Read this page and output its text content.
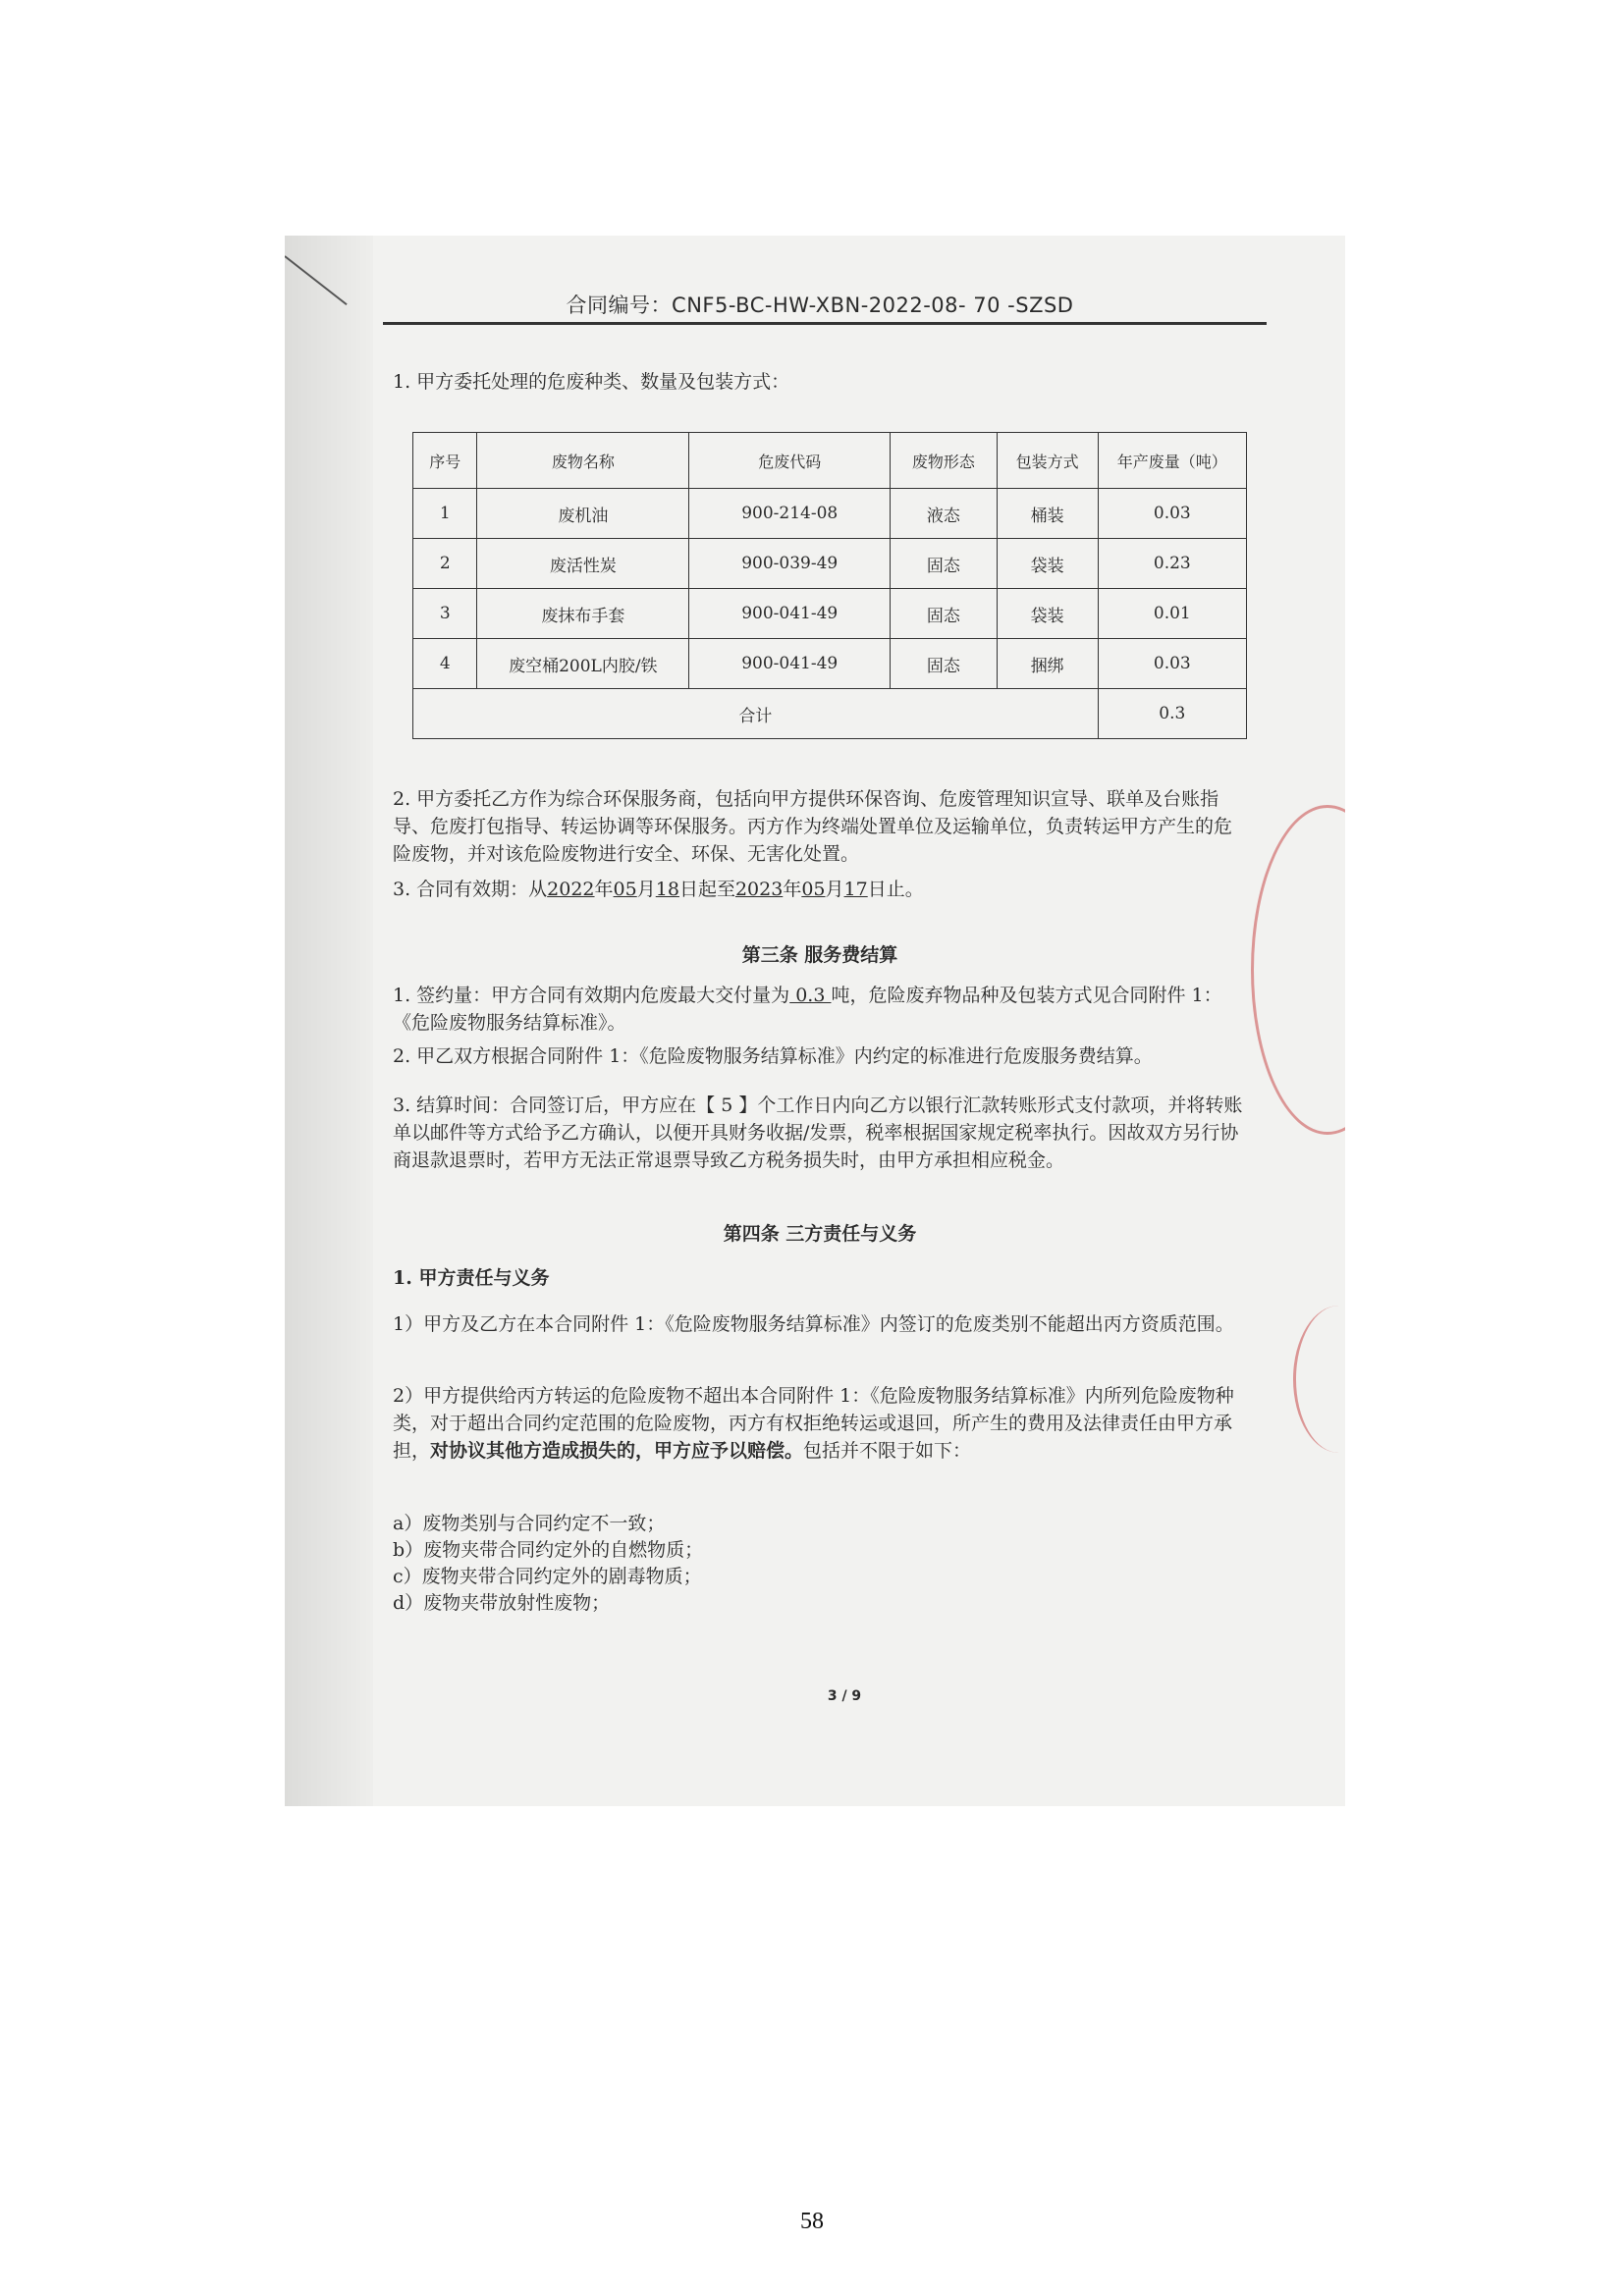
合同编号：CNF5-BC-HW-XBN-2022-08- 70 -SZSD
1. 甲方委托处理的危废种类、数量及包装方式：
序号	废物名称	危废代码	废物形态	包装方式	年产废量（吨）
1	废机油	900-214-08	液态	桶装	0.03
2	废活性炭	900-039-49	固态	袋装	0.23
3	废抹布手套	900-041-49	固态	袋装	0.01
4	废空桶200L内胶/铁	900-041-49	固态	捆绑	0.03
合计					0.3
2. 甲方委托乙方作为综合环保服务商，包括向甲方提供环保咨询、危废管理知识宣导、联单及台账指导、危废打包指导、转运协调等环保服务。丙方作为终端处置单位及运输单位，负责转运甲方产生的危险废物，并对该危险废物进行安全、环保、无害化处置。
3. 合同有效期：从2022年05月18日起至2023年05月17日止。
第三条 服务费结算
1. 签约量：甲方合同有效期内危废最大交付量为 0.3 吨，危险废弃物品种及包装方式见合同附件 1：《危险废物服务结算标准》。
2. 甲乙双方根据合同附件 1：《危险废物服务结算标准》内约定的标准进行危废服务费结算。
3. 结算时间：合同签订后，甲方应在【 5 】个工作日内向乙方以银行汇款转账形式支付款项，并将转账单以邮件等方式给予乙方确认，以便开具财务收据/发票，税率根据国家规定税率执行。因故双方另行协商退款退票时，若甲方无法正常退票导致乙方税务损失时，由甲方承担相应税金。
第四条 三方责任与义务
1. 甲方责任与义务
1）甲方及乙方在本合同附件 1：《危险废物服务结算标准》内签订的危废类别不能超出丙方资质范围。
2）甲方提供给丙方转运的危险废物不超出本合同附件 1：《危险废物服务结算标准》内所列危险废物种类，对于超出合同约定范围的危险废物，丙方有权拒绝转运或退回，所产生的费用及法律责任由甲方承担，对协议其他方造成损失的，甲方应予以赔偿。包括并不限于如下：
a）废物类别与合同约定不一致；
b）废物夹带合同约定外的自燃物质；
c）废物夹带合同约定外的剧毒物质；
d）废物夹带放射性废物；
3 / 9
58
